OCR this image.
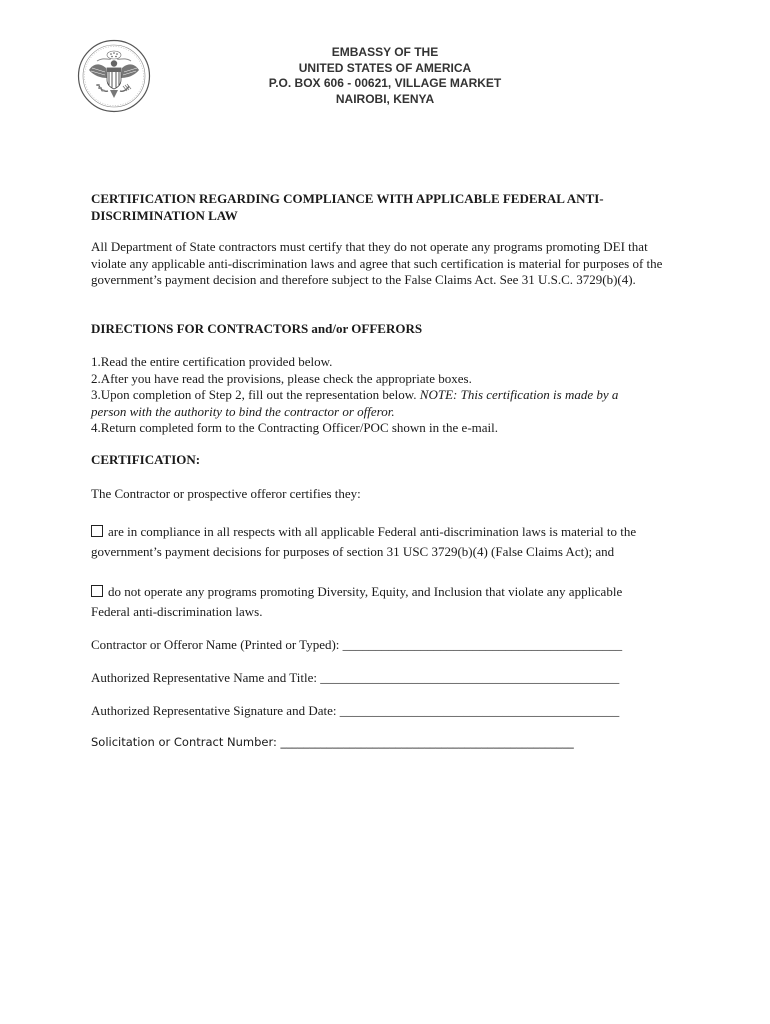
EMBASSY OF THE
UNITED STATES OF AMERICA
P.O. BOX 606 - 00621, VILLAGE MARKET
NAIROBI, KENYA
CERTIFICATION REGARDING COMPLIANCE WITH APPLICABLE FEDERAL ANTI-
DISCRIMINATION LAW
All Department of State contractors must certify that they do not operate any programs promoting DEI that violate any applicable anti-discrimination laws and agree that such certification is material for purposes of the government’s payment decision and therefore subject to the False Claims Act. See 31 U.S.C. 3729(b)(4).
DIRECTIONS FOR CONTRACTORS and/or OFFERORS
1.Read the entire certification provided below.
2.After you have read the provisions, please check the appropriate boxes.
3.Upon completion of Step 2, fill out the representation below. NOTE: This certification is made by a
person with the authority to bind the contractor or offeror.
4.Return completed form to the Contracting Officer/POC shown in the e-mail.
CERTIFICATION:
The Contractor or prospective offeror certifies they:
are in compliance in all respects with all applicable Federal anti-discrimination laws is material to the
government’s payment decisions for purposes of section 31 USC 3729(b)(4) (False Claims Act); and
do not operate any programs promoting Diversity, Equity, and Inclusion that violate any applicable
Federal anti-discrimination laws.
Contractor or Offeror Name (Printed or Typed): ___________________________________________
Authorized Representative Name and Title: ______________________________________________
Authorized Representative Signature and Date: ___________________________________________
Solicitation or Contract Number: ___________________________________________________
